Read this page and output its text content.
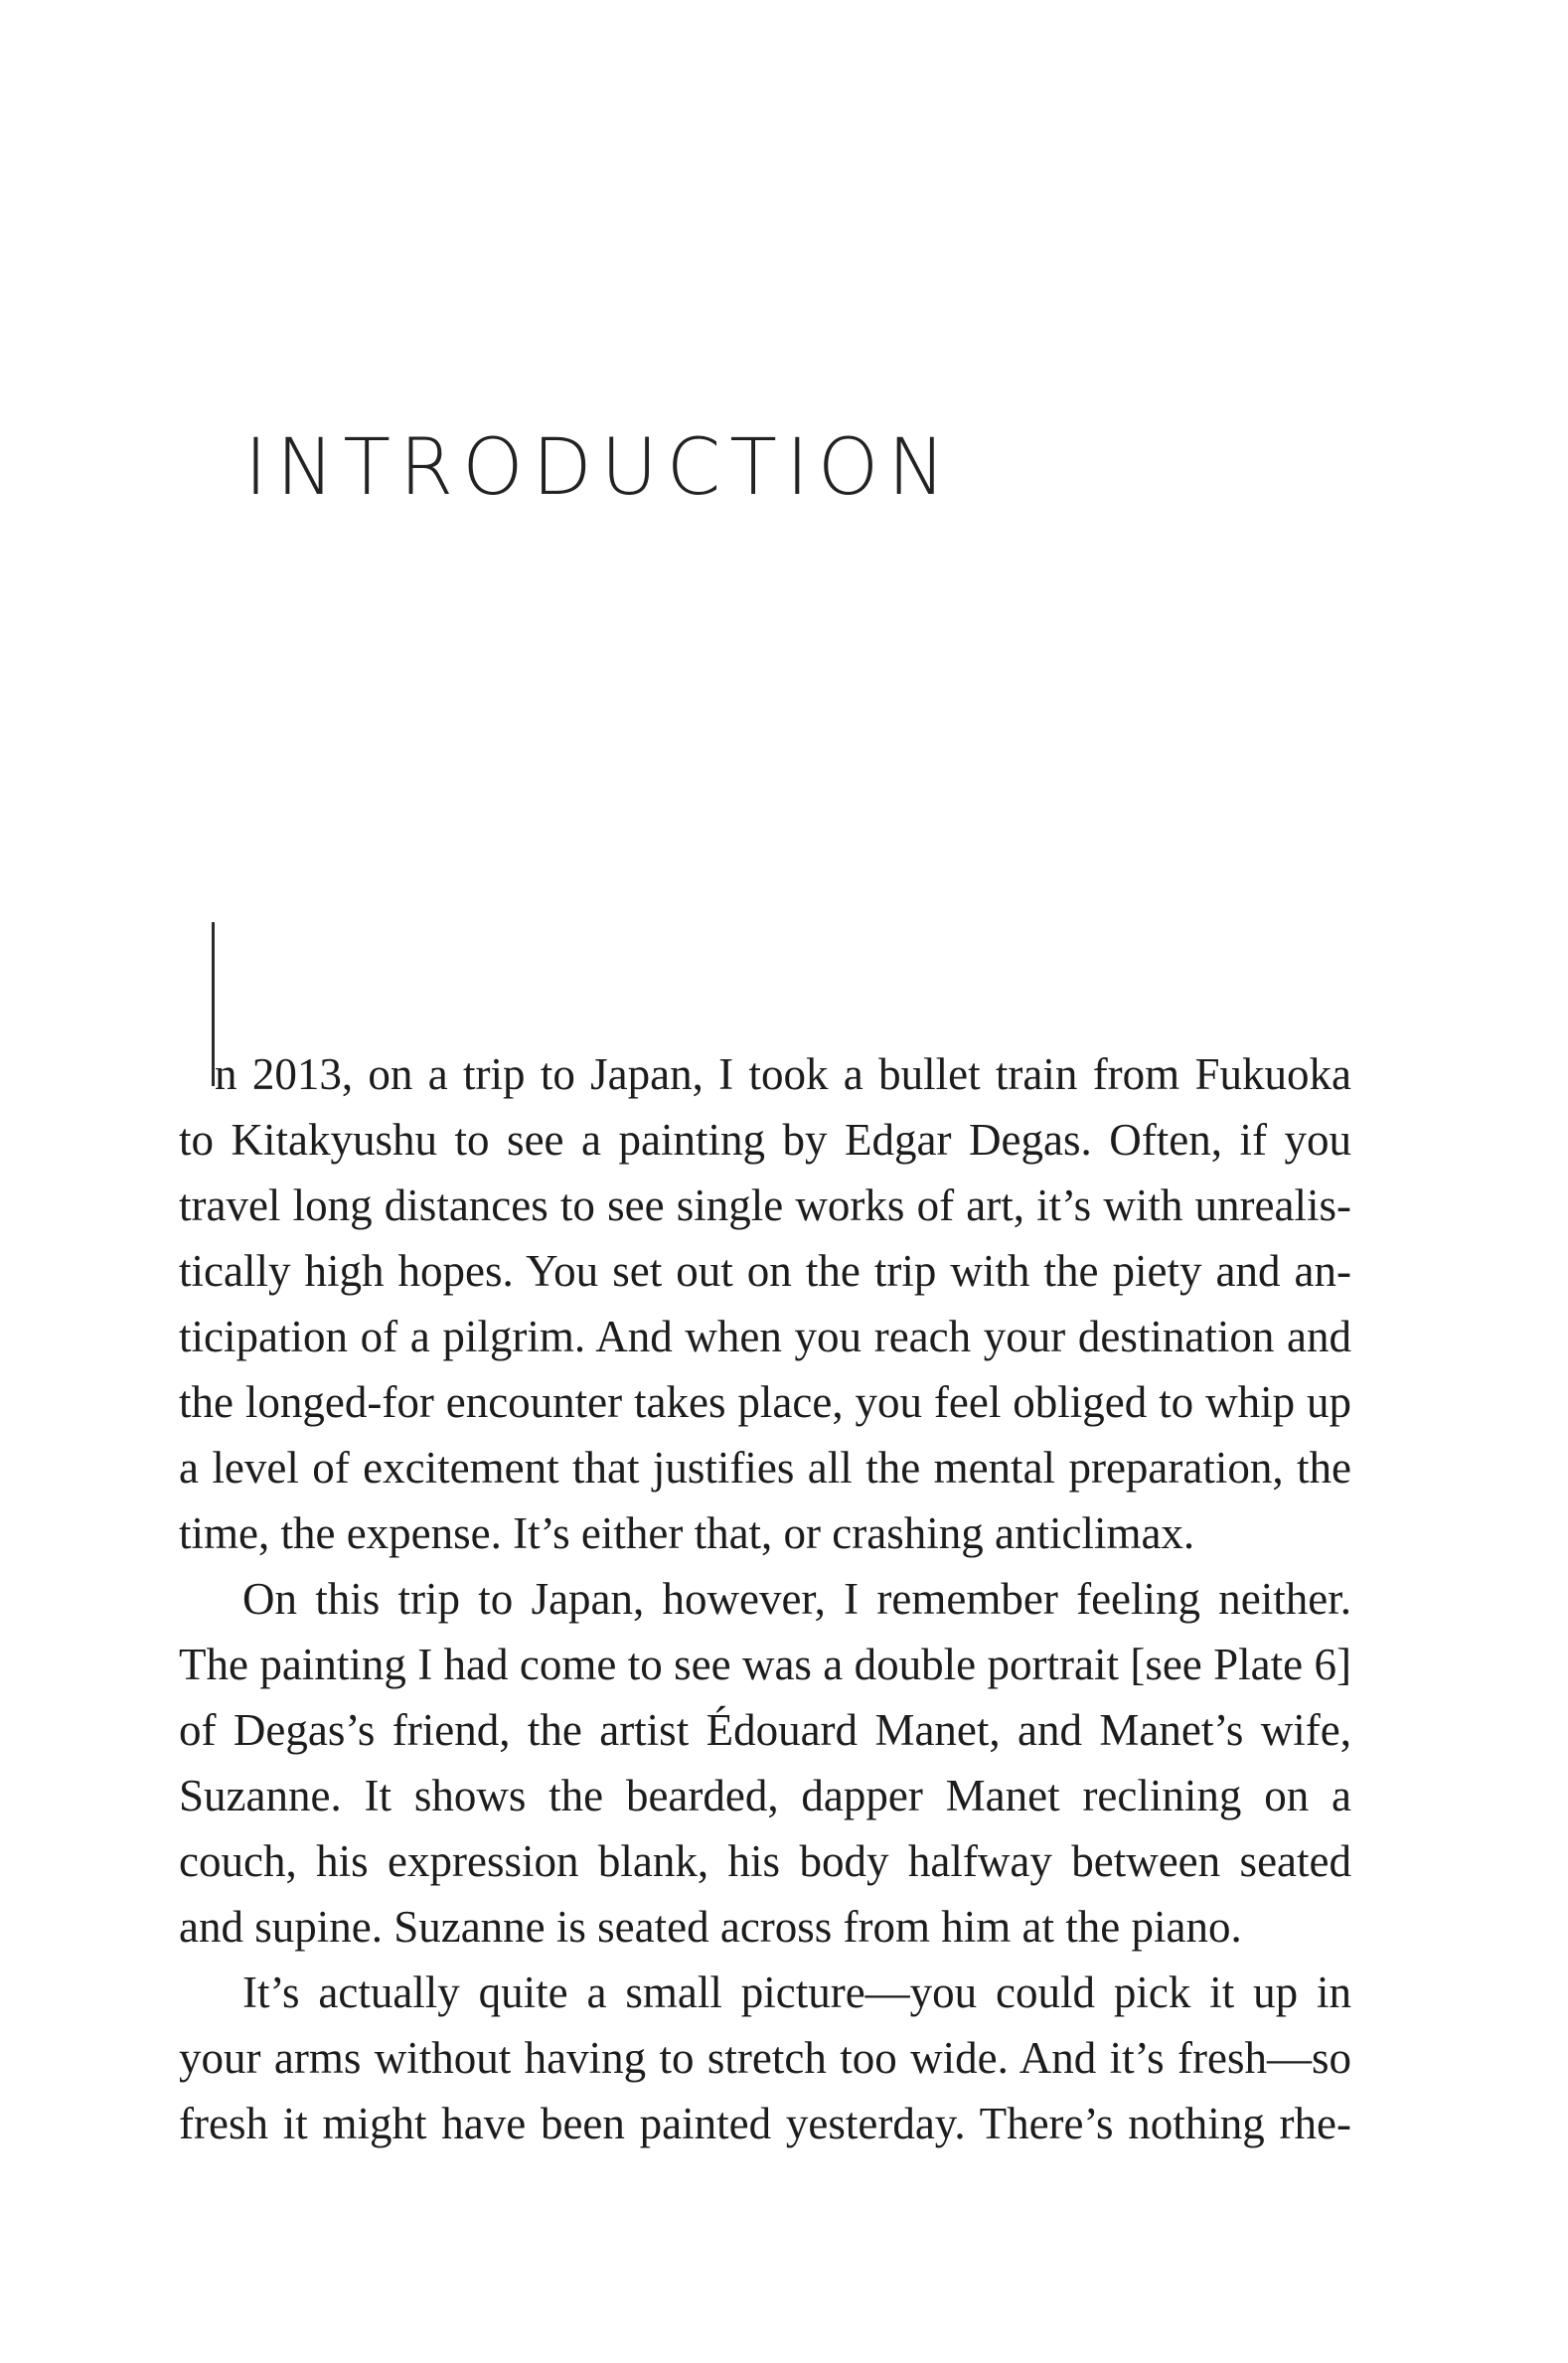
INTRODUCTION
n 2013, on a trip to Japan, I took a bullet train from Fukuoka
to Kitakyushu to see a painting by Edgar Degas. Often, if you
travel long distances to see single works of art, it’s with unrealis-
tically high hopes. You set out on the trip with the piety and an-
ticipation of a pilgrim. And when you reach your destination and
the longed-for encounter takes place, you feel obliged to whip up
a level of excitement that justifies all the mental preparation, the
time, the expense. It’s either that, or crashing anticlimax.
On this trip to Japan, however, I remember feeling neither.
The painting I had come to see was a double portrait [see Plate 6]
of Degas’s friend, the artist Édouard Manet, and Manet’s wife,
Suzanne. It shows the bearded, dapper Manet reclining on a
couch, his expression blank, his body halfway between seated
and supine. Suzanne is seated across from him at the piano.
It’s actually quite a small picture—you could pick it up in
your arms without having to stretch too wide. And it’s fresh—so
fresh it might have been painted yesterday. There’s nothing rhe-
